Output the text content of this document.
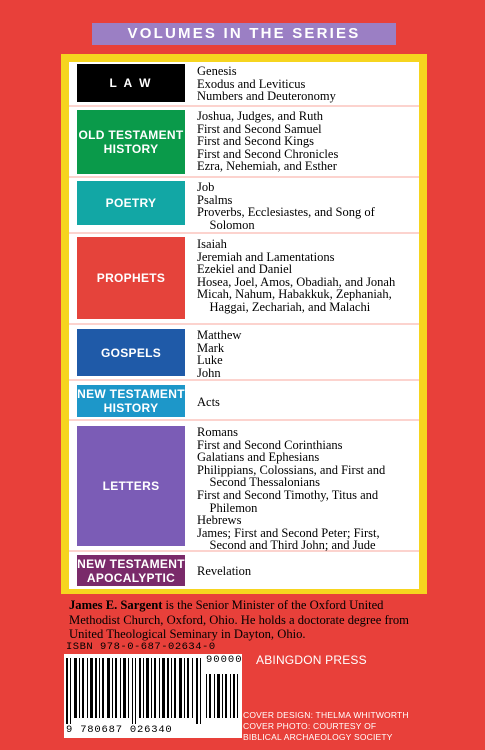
VOLUMES IN THE SERIES
L A W
Genesis
Exodus and Leviticus
Numbers and Deuteronomy
OLD TESTAMENT HISTORY
Joshua, Judges, and Ruth
First and Second Samuel
First and Second Kings
First and Second Chronicles
Ezra, Nehemiah, and Esther
POETRY
Job
Psalms
Proverbs, Ecclesiastes, and Song of
Solomon
PROPHETS
Isaiah
Jeremiah and Lamentations
Ezekiel and Daniel
Hosea, Joel, Amos, Obadiah, and Jonah
Micah, Nahum, Habakkuk, Zephaniah,
Haggai, Zechariah, and Malachi
GOSPELS
Matthew
Mark
Luke
John
NEW TESTAMENT HISTORY	Acts
LETTERS
Romans
First and Second Corinthians
Galatians and Ephesians
Philippians, Colossians, and First and
Second Thessalonians
First and Second Timothy, Titus and
Philemon
Hebrews
James; First and Second Peter; First,
Second and Third John; and Jude
NEW TESTAMENT APOCALYPTIC	Revelation
James E. Sargent is the Senior Minister of the Oxford United Methodist Church, Oxford, Ohio. He holds a doctorate degree from United Theological Seminary in Dayton, Ohio.
9 780687 026340
ISBN 978-0-687-02634-0
90000 ABINGDON PRESS
COVER DESIGN: THELMA WHITWORTH
COVER PHOTO: COURTESY OF
BIBLICAL ARCHAEOLOGY SOCIETY
